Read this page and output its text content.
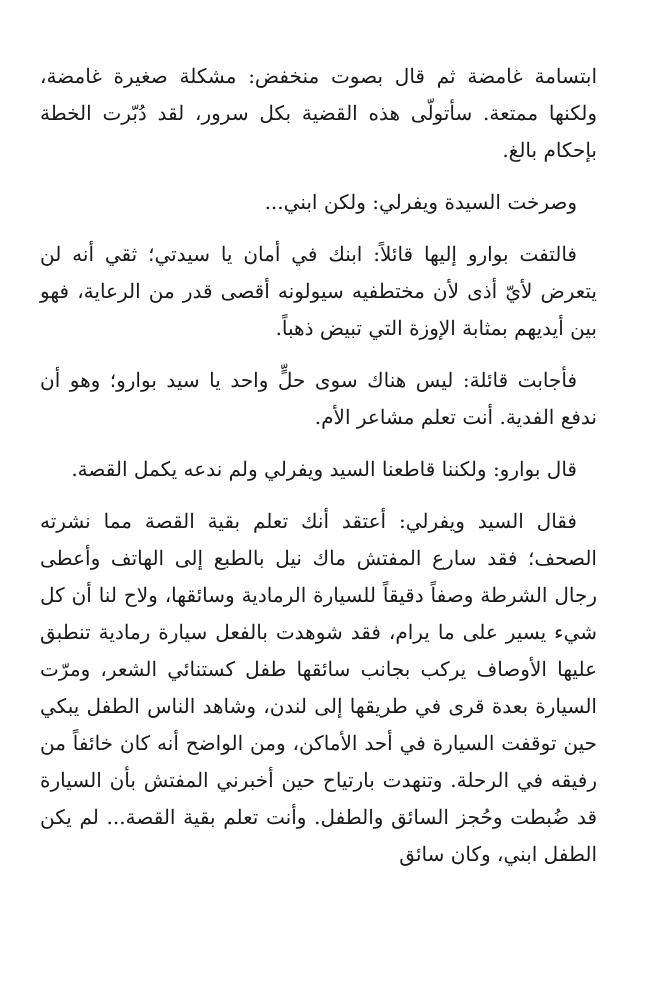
ابتسامة غامضة ثم قال بصوت منخفض: مشكلة صغيرة غامضة، ولكنها ممتعة. سأتولّى هذه القضية بكل سرور، لقد دُبّرت الخطة بإحكام بالغ.

وصرخت السيدة ويفرلي: ولكن ابني...

فالتفت بوارو إليها قائلاً: ابنك في أمان يا سيدتي؛ ثقي أنه لن يتعرض لأيّ أذى لأن مختطفيه سيولونه أقصى قدر من الرعاية، فهو بين أيديهم بمثابة الإوزة التي تبيض ذهباً.

فأجابت قائلة: ليس هناك سوى حلٍّ واحد يا سيد بوارو؛ وهو أن ندفع الفدية. أنت تعلم مشاعر الأم.

قال بوارو: ولكننا قاطعنا السيد ويفرلي ولم ندعه يكمل القصة.

فقال السيد ويفرلي: أعتقد أنك تعلم بقية القصة مما نشرته الصحف؛ فقد سارع المفتش ماك نيل بالطبع إلى الهاتف وأعطى رجال الشرطة وصفاً دقيقاً للسيارة الرمادية وسائقها، ولاح لنا أن كل شيء يسير على ما يرام، فقد شوهدت بالفعل سيارة رمادية تنطبق عليها الأوصاف يركب بجانب سائقها طفل كستنائي الشعر، ومرّت السيارة بعدة قرى في طريقها إلى لندن، وشاهد الناس الطفل يبكي حين توقفت السيارة في أحد الأماكن، ومن الواضح أنه كان خائفاً من رفيقه في الرحلة. وتنهدت بارتياح حين أخبرني المفتش بأن السيارة قد ضُبطت وحُجز السائق والطفل. وأنت تعلم بقية القصة... لم يكن الطفل ابني، وكان سائق
